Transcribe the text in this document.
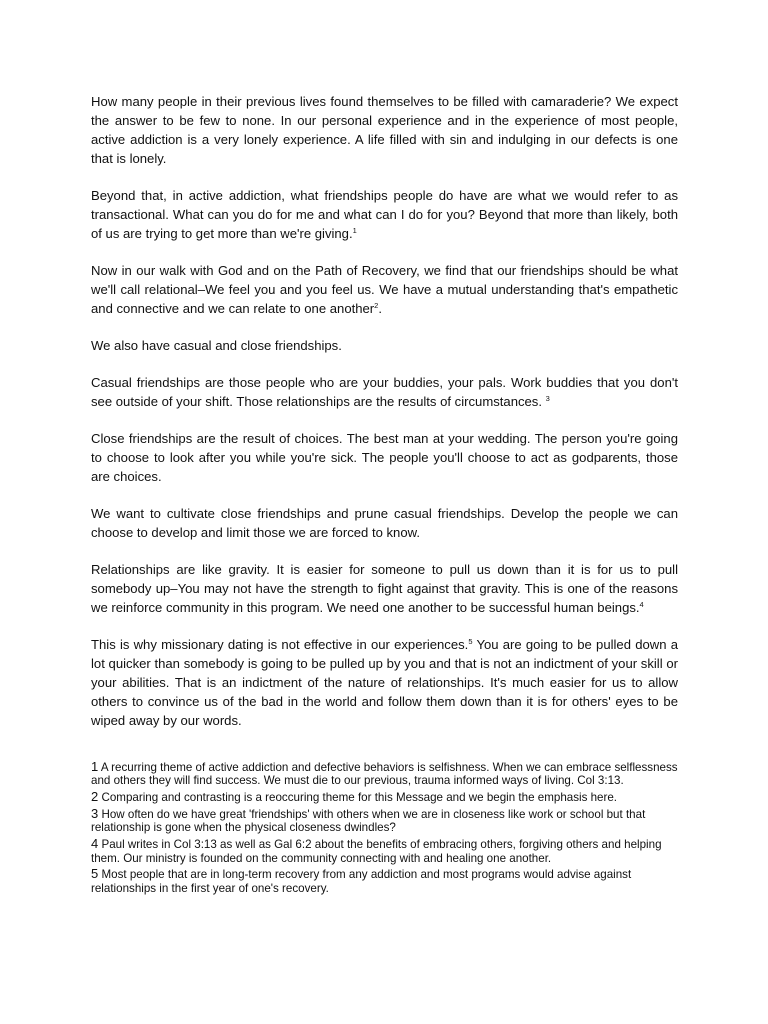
How many people in their previous lives found themselves to be filled with camaraderie? We expect the answer to be few to none. In our personal experience and in the experience of most people, active addiction is a very lonely experience. A life filled with sin and indulging in our defects is one that is lonely.

Beyond that, in active addiction, what friendships people do have are what we would refer to as transactional. What can you do for me and what can I do for you? Beyond that more than likely, both of us are trying to get more than we're giving.$^1$

Now in our walk with God and on the Path of Recovery, we find that our friendships should be what we'll call relational–We feel you and you feel us. We have a mutual understanding that's empathetic and connective and we can relate to one another$^2$.

We also have casual and close friendships.

Casual friendships are those people who are your buddies, your pals. Work buddies that you don't see outside of your shift. Those relationships are the results of circumstances. $^3$

Close friendships are the result of choices. The best man at your wedding. The person you're going to choose to look after you while you're sick. The people you'll choose to act as godparents, those are choices.

We want to cultivate close friendships and prune casual friendships. Develop the people we can choose to develop and limit those we are forced to know.

Relationships are like gravity. It is easier for someone to pull us down than it is for us to pull somebody up–You may not have the strength to fight against that gravity. This is one of the reasons we reinforce community in this program. We need one another to be successful human beings.$^4$

This is why missionary dating is not effective in our experiences.$^5$ You are going to be pulled down a lot quicker than somebody is going to be pulled up by you and that is not an indictment of your skill or your abilities. That is an indictment of the nature of relationships. It's much easier for us to allow others to convince us of the bad in the world and follow them down than it is for others' eyes to be wiped away by our words.

1 A recurring theme of active addiction and defective behaviors is selfishness. When we can embrace selflessness and others they will find success. We must die to our previous, trauma informed ways of living. Col 3:13.

2 Comparing and contrasting is a reoccuring theme for this Message and we begin the emphasis here.

3 How often do we have great 'friendships' with others when we are in closeness like work or school but that relationship is gone when the physical closeness dwindles?

4 Paul writes in Col 3:13 as well as Gal 6:2 about the benefits of embracing others, forgiving others and helping them. Our ministry is founded on the community connecting with and healing one another.

5 Most people that are in long-term recovery from any addiction and most programs would advise against relationships in the first year of one's recovery.
